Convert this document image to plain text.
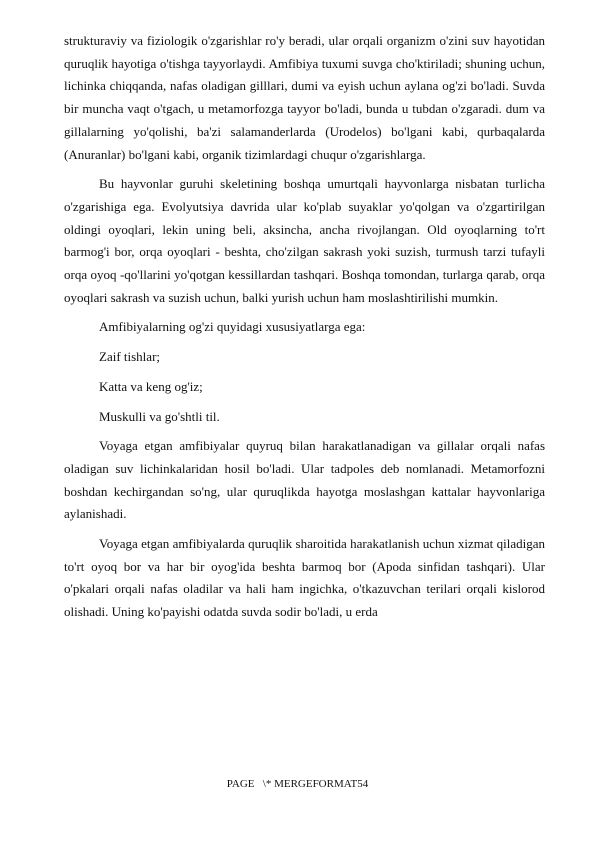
strukturaviy va fiziologik o'zgarishlar ro'y beradi, ular orqali organizm o'zini suv hayotidan quruqlik hayotiga o'tishga tayyorlaydi. Amfibiya tuxumi suvga cho'ktiriladi; shuning uchun, lichinka chiqqanda, nafas oladigan gilllari, dumi va eyish uchun aylana og'zi bo'ladi. Suvda bir muncha vaqt o'tgach, u metamorfozga tayyor bo'ladi, bunda u tubdan o'zgaradi. dum va gillalarning yo'qolishi, ba'zi salamanderlarda (Urodelos) bo'lgani kabi, qurbaqalarda (Anuranlar) bo'lgani kabi, organik tizimlardagi chuqur o'zgarishlarga.

Bu hayvonlar guruhi skeletining boshqa umurtqali hayvonlarga nisbatan turlicha o'zgarishiga ega. Evolyutsiya davrida ular ko'plab suyaklar yo'qolgan va o'zgartirilgan oldingi oyoqlari, lekin uning beli, aksincha, ancha rivojlangan. Old oyoqlarning to'rt barmog'i bor, orqa oyoqlari - beshta, cho'zilgan sakrash yoki suzish, turmush tarzi tufayli orqa oyoq -qo'llarini yo'qotgan kessillardan tashqari. Boshqa tomondan, turlarga qarab, orqa oyoqlari sakrash va suzish uchun, balki yurish uchun ham moslashtirilishi mumkin.

Amfibiyalarning og'zi quyidagi xususiyatlarga ega:

Zaif tishlar;

Katta va keng og'iz;

Muskulli va go'shtli til.

Voyaga etgan amfibiyalar quyruq bilan harakatlanadigan va gillalar orqali nafas oladigan suv lichinkalaridan hosil bo'ladi. Ular tadpoles deb nomlanadi. Metamorfozni boshdan kechirgandan so'ng, ular quruqlikda hayotga moslashgan kattalar hayvonlariga aylanishadi.

Voyaga etgan amfibiyalarda quruqlik sharoitida harakatlanish uchun xizmat qiladigan to'rt oyoq bor va har bir oyog'ida beshta barmoq bor (Apoda sinfidan tashqari). Ular o'pkalari orqali nafas oladilar va hali ham ingichka, o'tkazuvchan terilari orqali kislorod olishadi. Uning ko'payishi odatda suvda sodir bo'ladi, u erda

PAGE   \* MERGEFORMAT54
